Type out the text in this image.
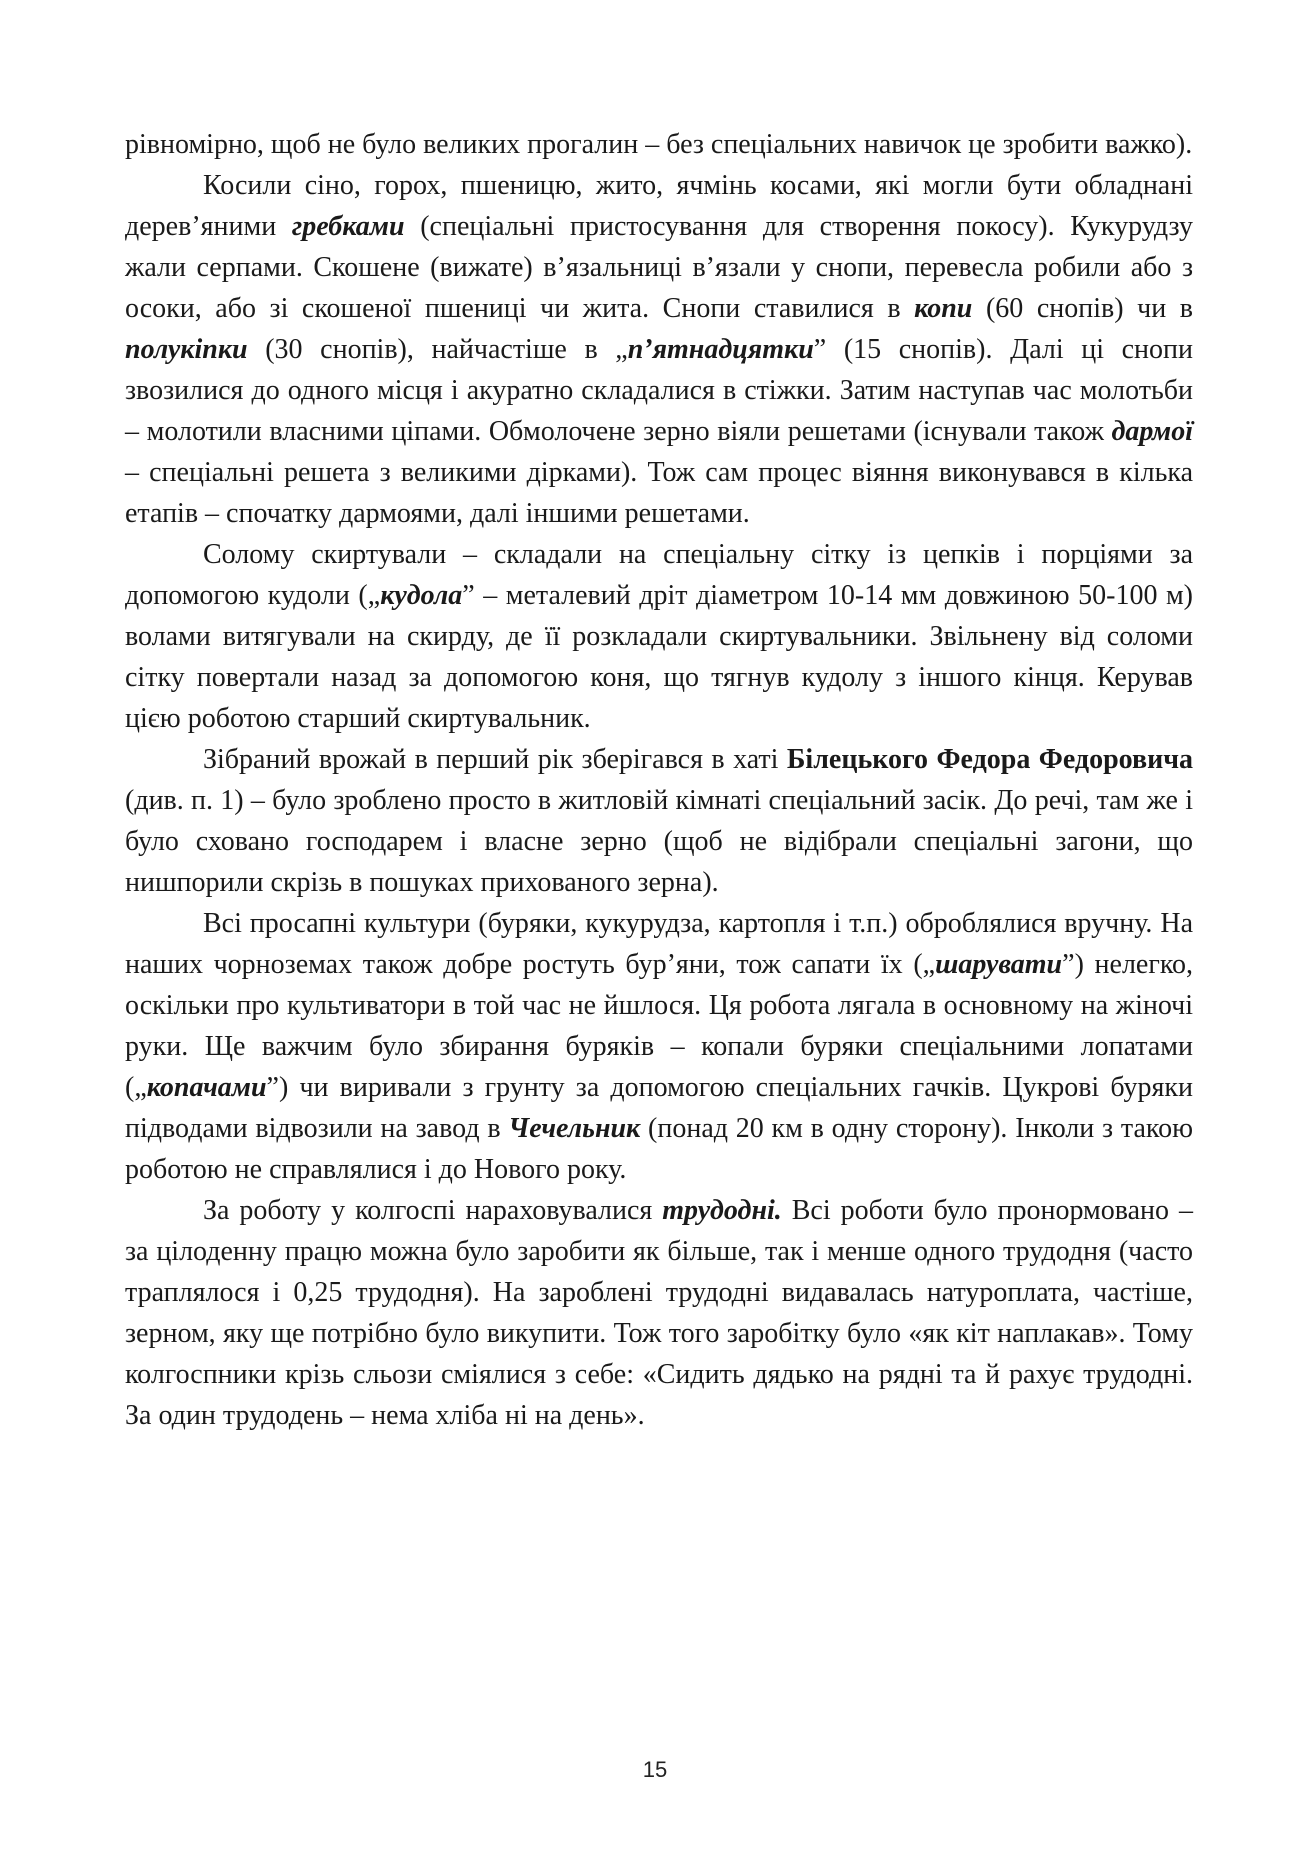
рівномірно, щоб не було великих прогалин – без спеціальних навичок це зробити важко).

Косили сіно, горох, пшеницю, жито, ячмінь косами, які могли бути обладнані дерев’яними гребками (спеціальні пристосування для створення покосу). Кукурудзу жали серпами. Скошене (вижате) в’язальниці в’язали у снопи, перевесла робили або з осоки, або зі скошеної пшениці чи жита. Снопи ставилися в копи (60 снопів) чи в полукіпки (30 снопів), найчастіше в „п’ятнадцятки” (15 снопів). Далі ці снопи звозилися до одного місця і акуратно складалися в стіжки. Затим наступав час молотьби – молотили власними ціпами. Обмолочене зерно віяли решетами (існували також дармої – спеціальні решета з великими дірками). Тож сам процес віяння виконувався в кілька етапів – спочатку дармоями, далі іншими решетами.

Солому скиртували – складали на спеціальну сітку із цепків і порціями за допомогою кудоли („кудола” – металевий дріт діаметром 10-14 мм довжиною 50-100 м) волами витягували на скирду, де її розкладали скиртувальники. Звільнену від соломи сітку повертали назад за допомогою коня, що тягнув кудолу з іншого кінця. Керував цією роботою старший скиртувальник.

Зібраний врожай в перший рік зберігався в хаті Білецького Федора Федоровича (див. п. 1) – було зроблено просто в житловій кімнаті спеціальний засік. До речі, там же і було сховано господарем і власне зерно (щоб не відібрали спеціальні загони, що нишпорили скрізь в пошуках прихованого зерна).

Всі просапні культури (буряки, кукурудза, картопля і т.п.) оброблялися вручну. На наших чорноземах також добре ростуть бур’яни, тож сапати їх („шарувати”) нелегко, оскільки про культиватори в той час не йшлося. Ця робота лягала в основному на жіночі руки. Ще важчим було збирання буряків – копали буряки спеціальними лопатами („копачами”) чи виривали з грунту за допомогою спеціальних гачків. Цукрові буряки підводами відвозили на завод в Чечельник (понад 20 км в одну сторону). Інколи з такою роботою не справлялися і до Нового року.

За роботу у колгоспі нараховувалися трудодні. Всі роботи було пронормовано – за цілоденну працю можна було заробити як більше, так і менше одного трудодня (часто траплялося і 0,25 трудодня). На зароблені трудодні видавалась натуроплата, частіше, зерном, яку ще потрібно було викупити. Тож того заробітку було «як кіт наплакав». Тому колгоспники крізь сльози сміялися з себе: «Сидить дядько на рядні та й рахує трудодні. За один трудодень – нема хліба ні на день».

15
